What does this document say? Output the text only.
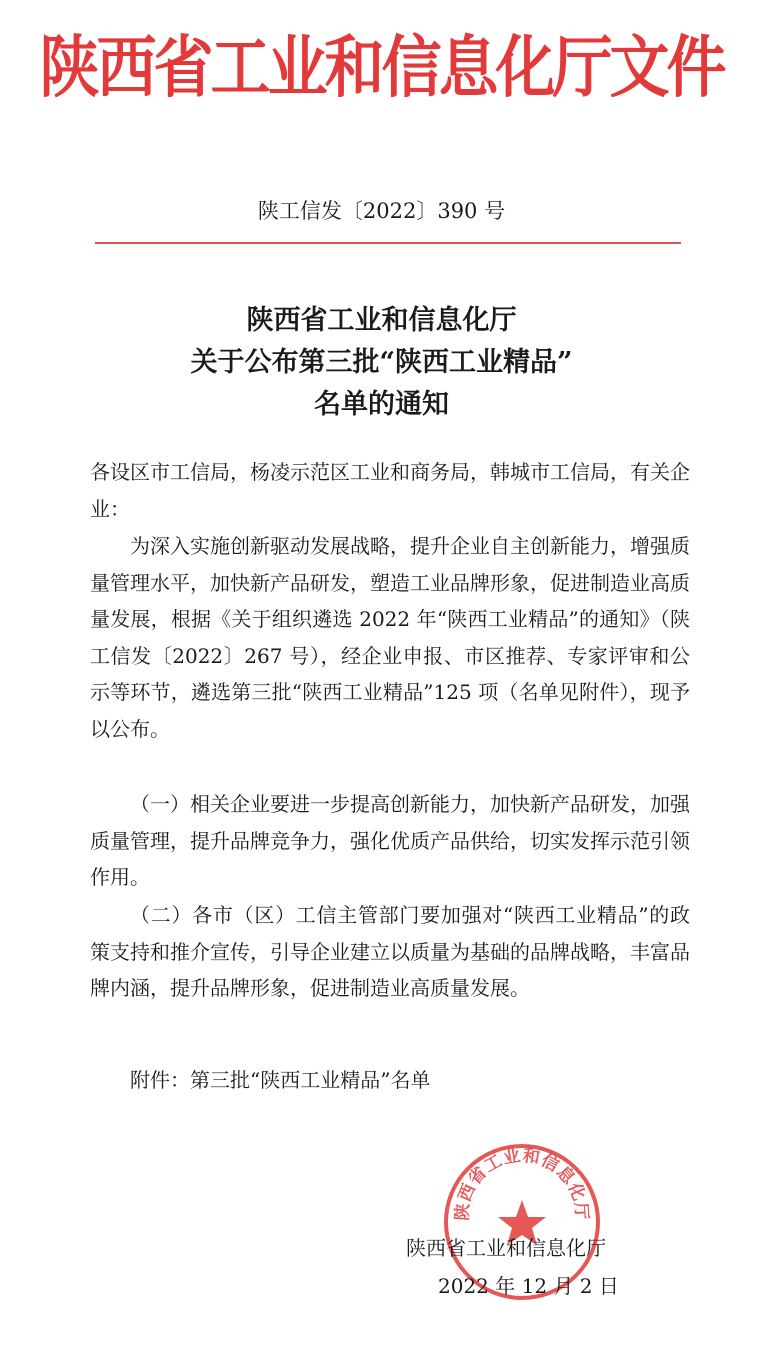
陕西省工业和信息化厅文件
陕工信发〔2022〕390 号
陕西省工业和信息化厅
关于公布第三批“陕西工业精品”
名单的通知
各设区市工信局，杨凌示范区工业和商务局，韩城市工信局，有关企业：
为深入实施创新驱动发展战略，提升企业自主创新能力，增强质量管理水平，加快新产品研发，塑造工业品牌形象，促进制造业高质量发展，根据《关于组织遴选 2022 年“陕西工业精品”的通知》（陕工信发〔2022〕267 号），经企业申报、市区推荐、专家评审和公示等环节，遴选第三批“陕西工业精品”125 项（名单见附件），现予以公布。
（一）相关企业要进一步提高创新能力，加快新产品研发，加强质量管理，提升品牌竞争力，强化优质产品供给，切实发挥示范引领作用。
（二）各市（区）工信主管部门要加强对“陕西工业精品”的政策支持和推介宣传，引导企业建立以质量为基础的品牌战略，丰富品牌内涵，提升品牌形象，促进制造业高质量发展。
附件：第三批“陕西工业精品”名单
陕西省工业和信息化厅
陕西省工业和信息化厅
2022 年 12 月 2 日
